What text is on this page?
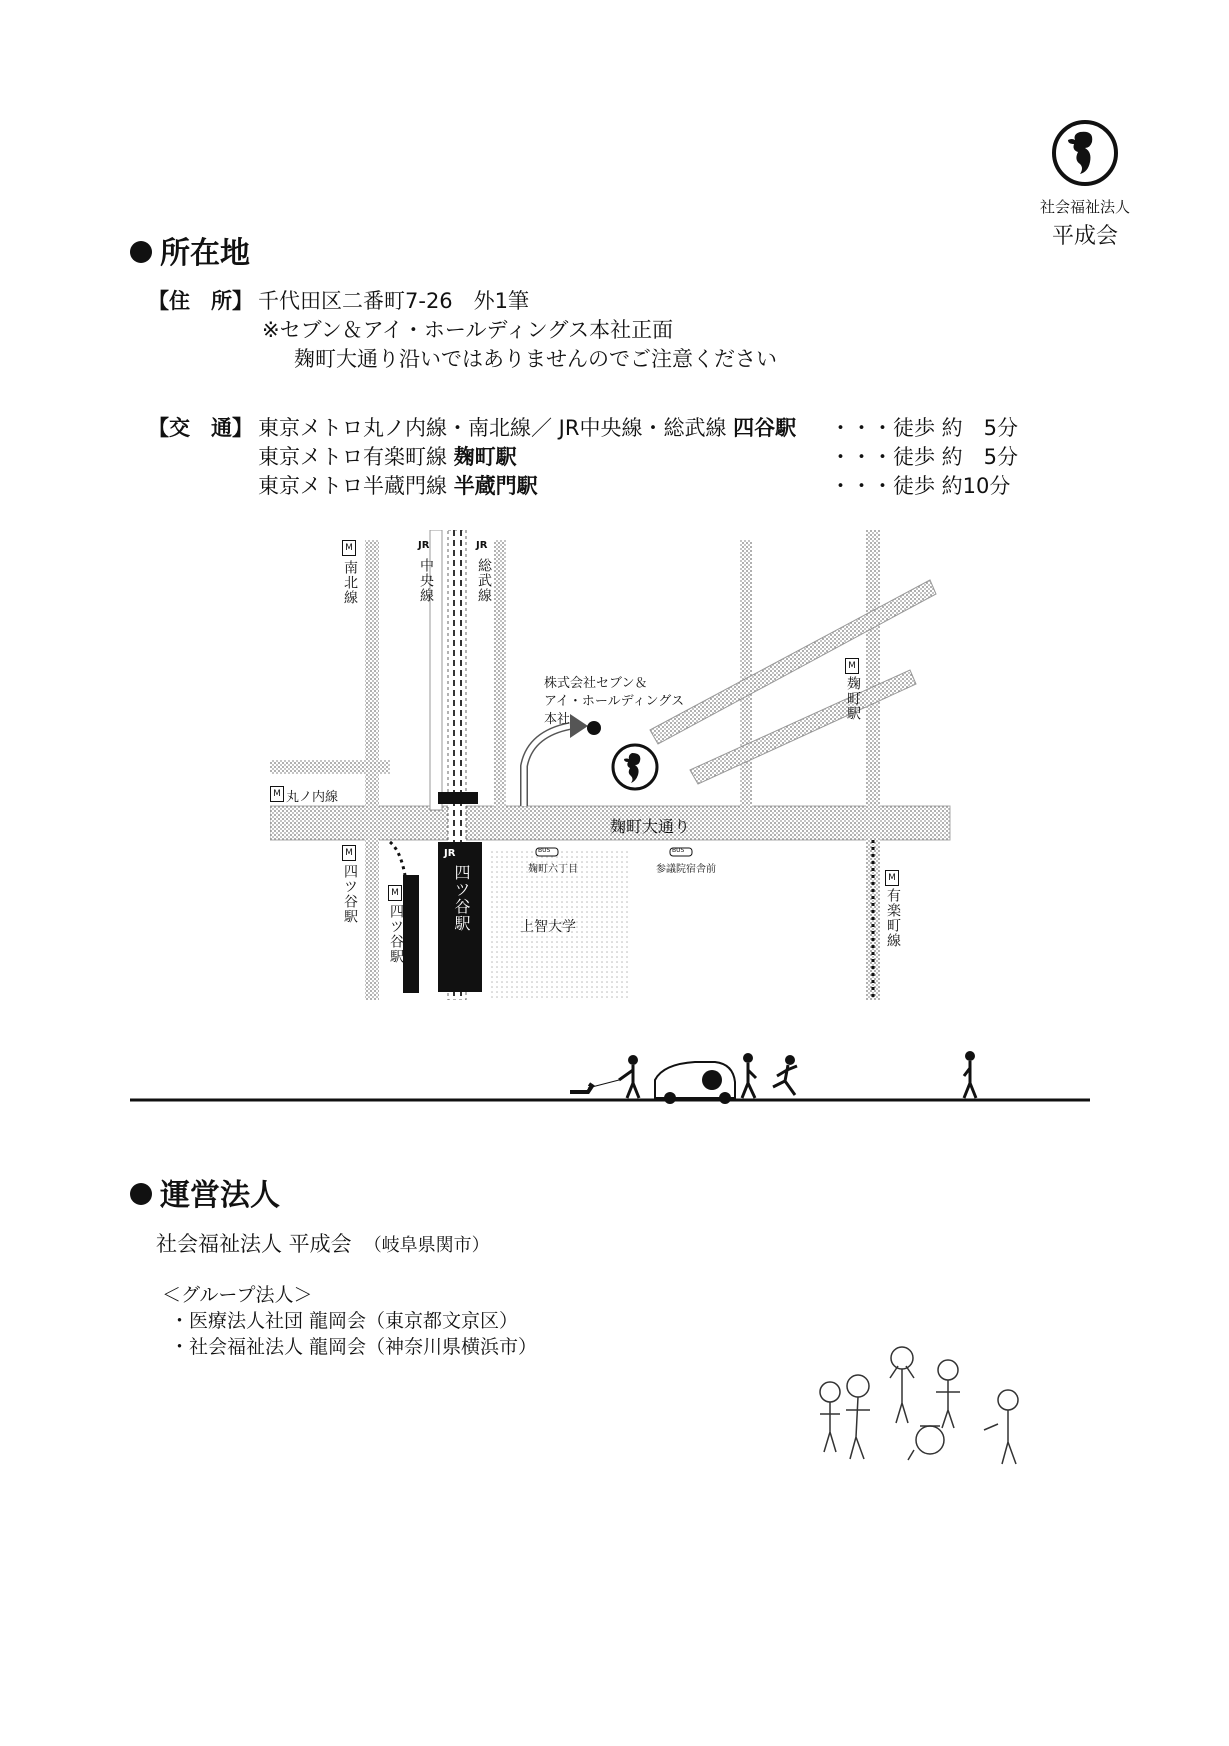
社会福祉法人
平成会
所在地
【住　所】 千代田区二番町7-26　外1筆
※セブン＆アイ・ホールディングス本社正面
麹町大通り沿いではありませんのでご注意ください
【交　通】 東京メトロ丸ノ内線・南北線／ JR中央線・総武線 四谷駅 ・・・徒歩 約　5分
東京メトロ有楽町線 麹町駅	・・・徒歩 約　5分
東京メトロ半蔵門線 半蔵門駅	・・・徒歩 約10分
M
M
M
M
M
M
JR	JR
JR	BUS	BUS
南北線	中央線	総武線
四ツ谷駅
四ツ谷駅
四ツ谷駅
麹町駅
有楽町線
丸ノ内線
株式会社セブン＆
アイ・ホールディングス
本社
麹町大通り
麹町六丁目	参議院宿舎前
上智大学
運営法人
社会福祉法人 平成会　 （岐阜県関市）
＜グループ法人＞
・医療法人社団 龍岡会（東京都文京区）
・社会福祉法人 龍岡会（神奈川県横浜市）
